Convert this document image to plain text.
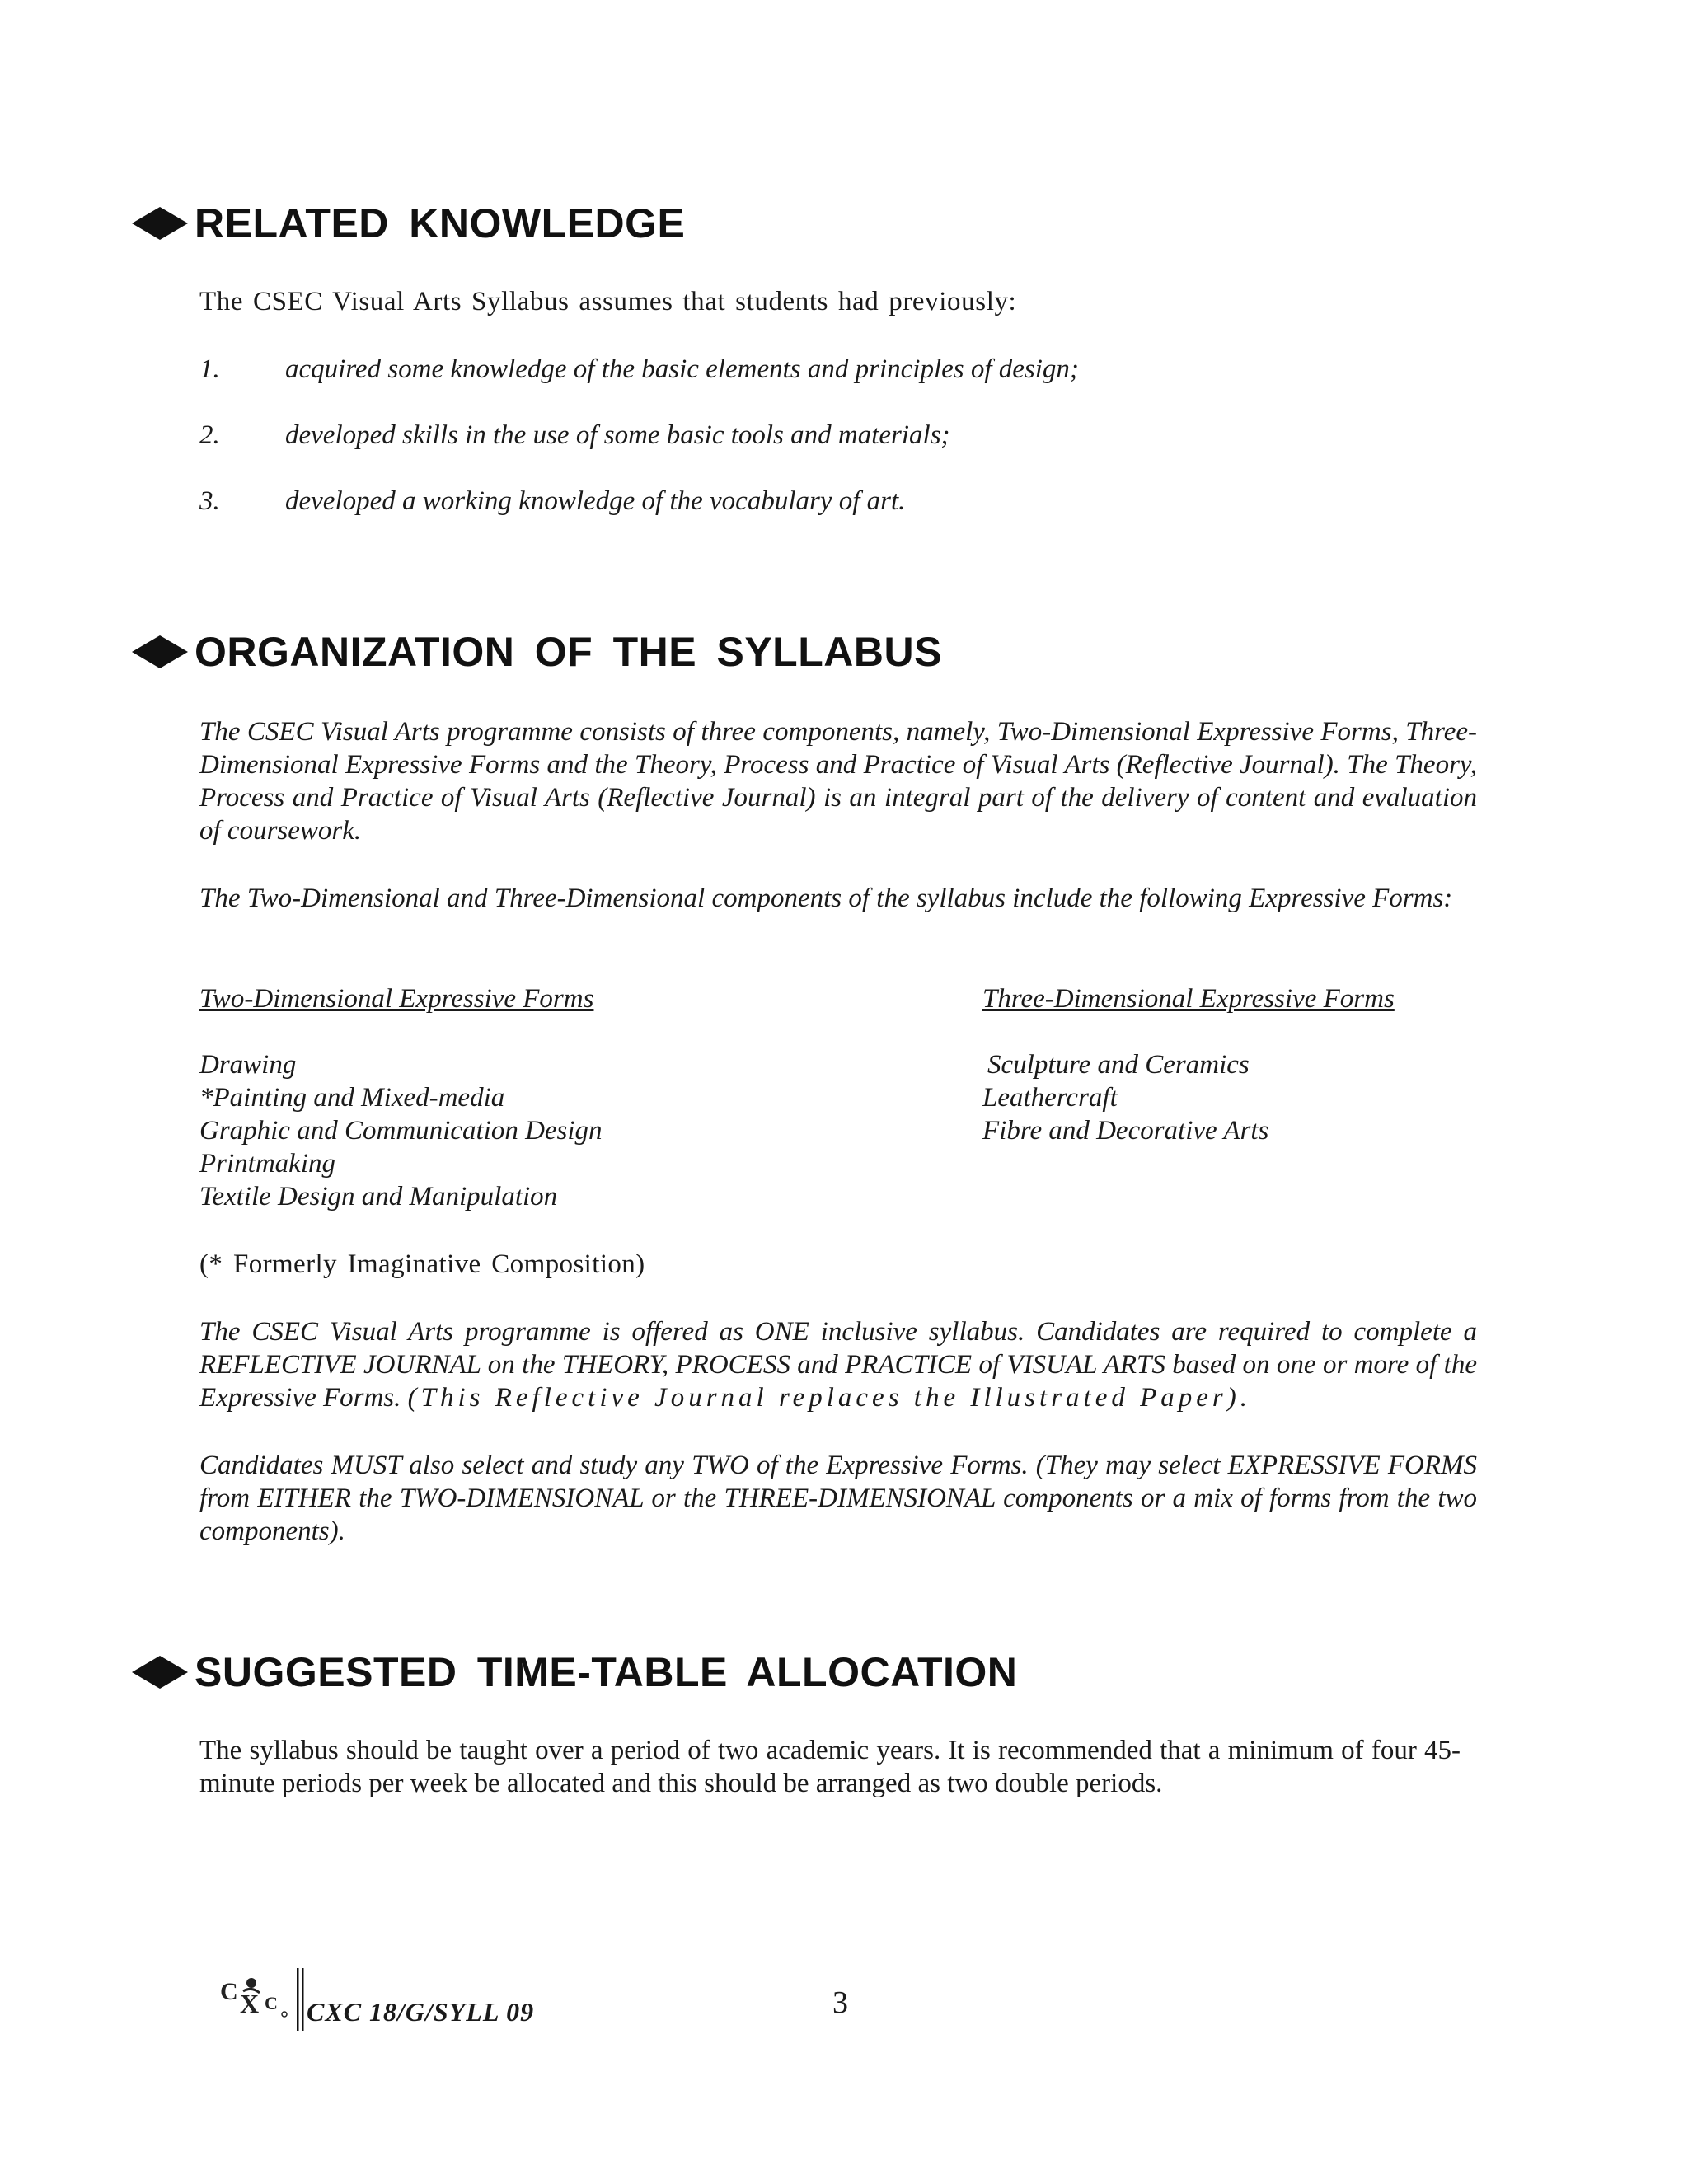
RELATED KNOWLEDGE
The CSEC Visual Arts Syllabus assumes that students had previously:
1. acquired some knowledge of the basic elements and principles of design;
2. developed skills in the use of some basic tools and materials;
3. developed a working knowledge of the vocabulary of art.
ORGANIZATION OF THE SYLLABUS
The CSEC Visual Arts programme consists of three components, namely, Two-Dimensional Expressive Forms, Three-Dimensional Expressive Forms and the Theory, Process and Practice of Visual Arts (Reflective Journal). The Theory, Process and Practice of Visual Arts (Reflective Journal) is an integral part of the delivery of content and evaluation of coursework.
The Two-Dimensional and Three-Dimensional components of the syllabus include the following Expressive Forms:
Two-Dimensional Expressive Forms	Three-Dimensional Expressive Forms
Drawing
*Painting and Mixed-media
Graphic and Communication Design
Printmaking
Textile Design and Manipulation
Sculpture and Ceramics
Leathercraft
Fibre and Decorative Arts
(* Formerly Imaginative Composition)
The CSEC Visual Arts programme is offered as ONE inclusive syllabus. Candidates are required to complete a REFLECTIVE JOURNAL on the THEORY, PROCESS and PRACTICE of VISUAL ARTS based on one or more of the Expressive Forms. (This Reflective Journal replaces the Illustrated Paper).
Candidates MUST also select and study any TWO of the Expressive Forms. (They may select EXPRESSIVE FORMS from EITHER the TWO-DIMENSIONAL or the THREE-DIMENSIONAL components or a mix of forms from the two components).
SUGGESTED TIME-TABLE ALLOCATION
The syllabus should be taught over a period of two academic years. It is recommended that a minimum of four 45-minute periods per week be allocated and this should be arranged as two double periods.
C X C CXC 18/G/SYLL 09	3
